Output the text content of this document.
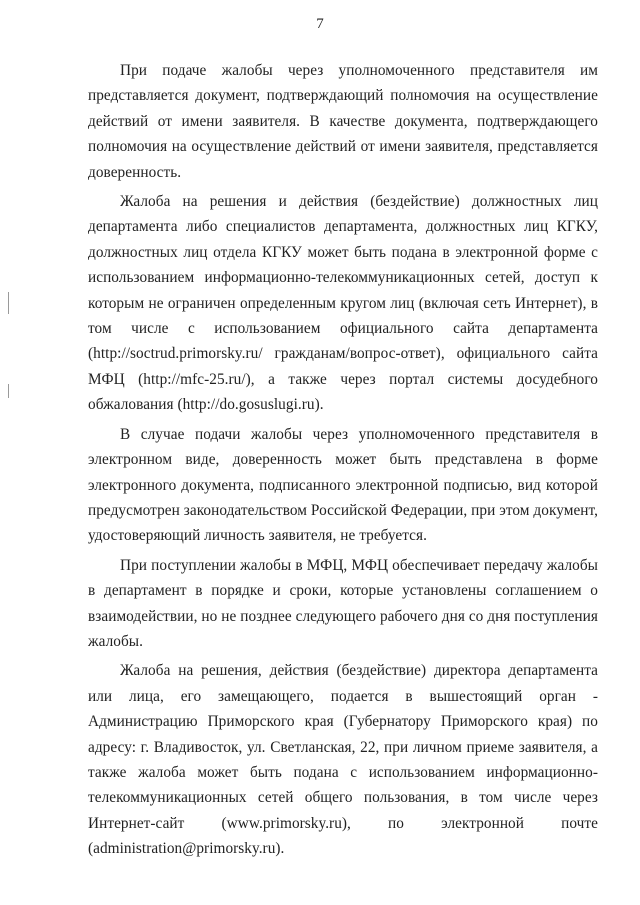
7

При подаче жалобы через уполномоченного представителя им представляется документ, подтверждающий полномочия на осуществление действий от имени заявителя. В качестве документа, подтверждающего полномочия на осуществление действий от имени заявителя, представляется доверенность.

Жалоба на решения и действия (бездействие) должностных лиц департамента либо специалистов департамента, должностных лиц КГКУ, должностных лиц отдела КГКУ может быть подана в электронной форме с использованием информационно-телекоммуникационных сетей, доступ к которым не ограничен определенным кругом лиц (включая сеть Интернет), в том числе с использованием официального сайта департамента (http://soctrud.primorsky.ru/ гражданам/вопрос-ответ), официального сайта МФЦ (http://mfc-25.ru/), а также через портал системы досудебного обжалования (http://do.gosuslugi.ru).

В случае подачи жалобы через уполномоченного представителя в электронном виде, доверенность может быть представлена в форме электронного документа, подписанного электронной подписью, вид которой предусмотрен законодательством Российской Федерации, при этом документ, удостоверяющий личность заявителя, не требуется.

При поступлении жалобы в МФЦ, МФЦ обеспечивает передачу жалобы в департамент в порядке и сроки, которые установлены соглашением о взаимодействии, но не позднее следующего рабочего дня со дня поступления жалобы.

Жалоба на решения, действия (бездействие) директора департамента или лица, его замещающего, подается в вышестоящий орган - Администрацию Приморского края (Губернатору Приморского края) по адресу: г. Владивосток, ул. Светланская, 22, при личном приеме заявителя, а также жалоба может быть подана с использованием информационно-телекоммуникационных сетей общего пользования, в том числе через Интернет-сайт (www.primorsky.ru), по электронной почте (administration@primorsky.ru).
